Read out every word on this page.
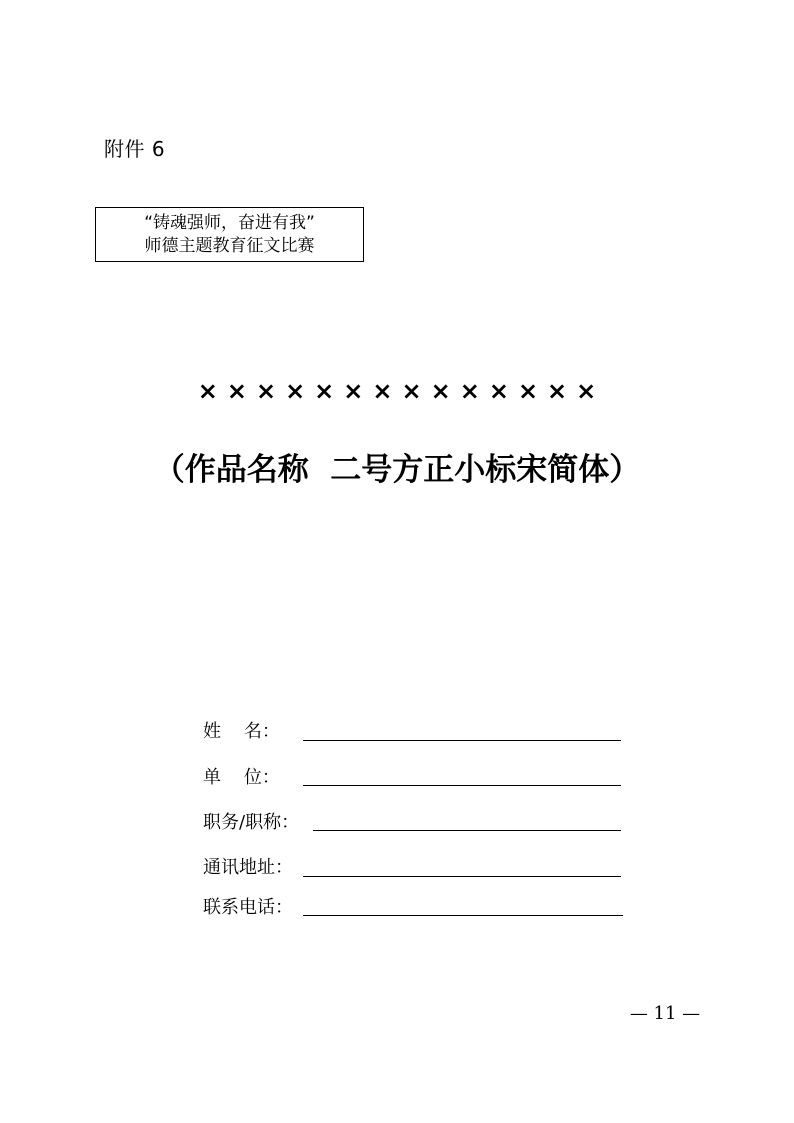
附件 6
“铸魂强师，奋进有我”
师德主题教育征文比赛
××××××××××××××
（作品名称  二号方正小标宋简体）
姓    名：
单    位：
职务/职称：
通讯地址：
联系电话：
— 11 —
